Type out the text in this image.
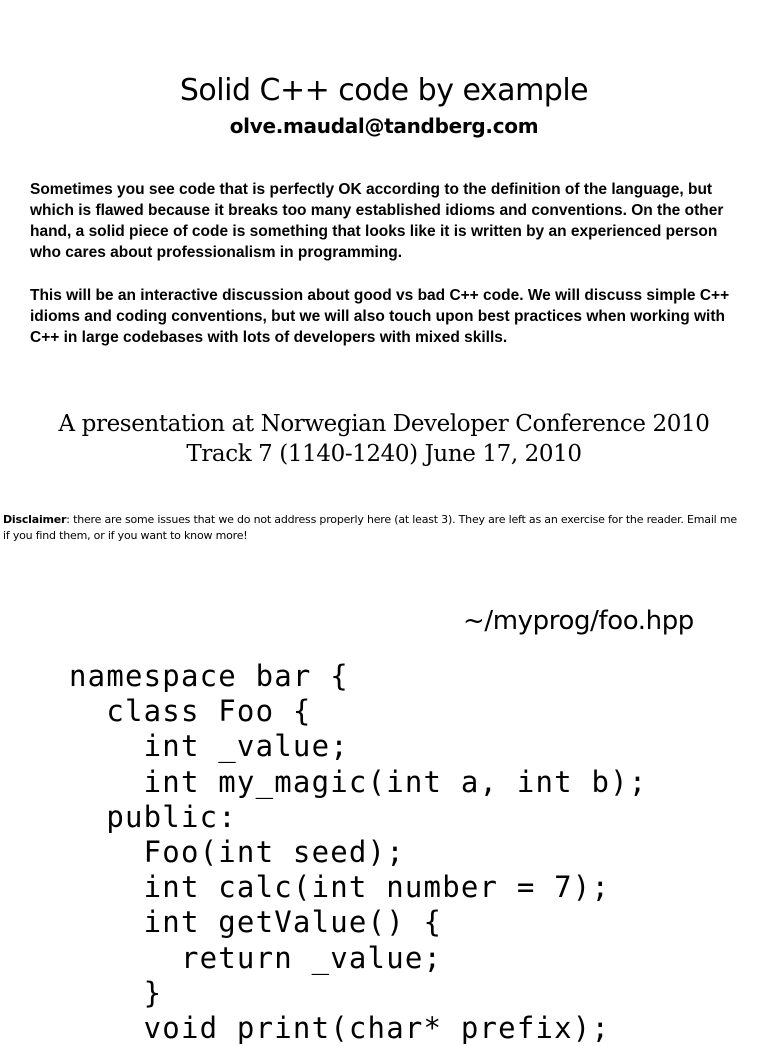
Solid C++ code by example
olve.maudal@tandberg.com

Sometimes you see code that is perfectly OK according to the definition of the language, but which is flawed because it breaks too many established idioms and conventions. On the other hand, a solid piece of code is something that looks like it is written by an experienced person who cares about professionalism in programming.

This will be an interactive discussion about good vs bad C++ code. We will discuss simple C++ idioms and coding conventions, but we will also touch upon best practices when working with C++ in large codebases with lots of developers with mixed skills.

A presentation at Norwegian Developer Conference 2010
Track 7 (1140-1240) June 17, 2010

Disclaimer: there are some issues that we do not address properly here (at least 3). They are left as an exercise for the reader. Email me if you find them, or if you want to know more!

~/myprog/foo.hpp
namespace bar {
class Foo {
int _value;
int my_magic(int a, int b);
public:
Foo(int seed);
int calc(int number = 7);
int getValue() {
return _value;
}
void print(char* prefix);
